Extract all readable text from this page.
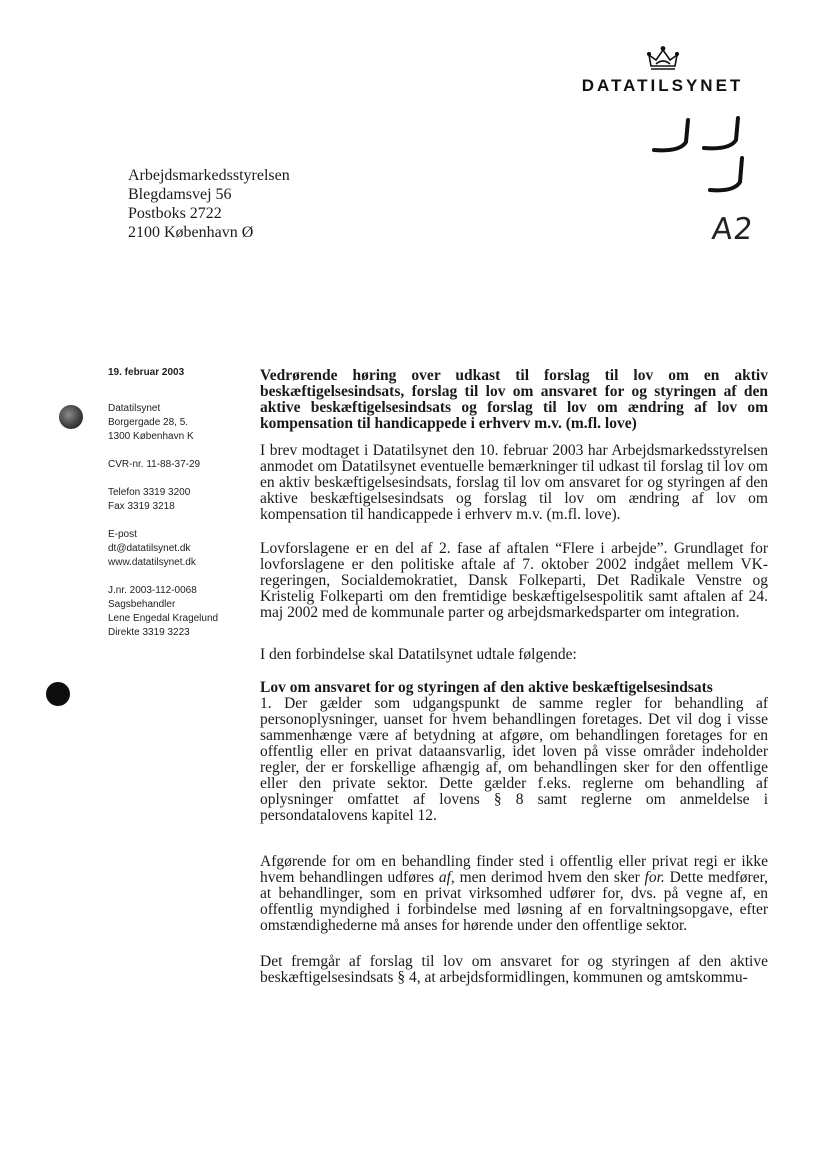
DATATILSYNET
A2
Arbejdsmarkedsstyrelsen
Blegdamsvej 56
Postboks 2722
2100 København Ø
19. februar 2003
Datatilsynet
Borgergade 28, 5.
1300 København K
CVR-nr. 11-88-37-29
Telefon 3319 3200
Fax 3319 3218
E-post
dt@datatilsynet.dk
www.datatilsynet.dk
J.nr. 2003-112-0068
Sagsbehandler
Lene Engedal Kragelund
Direkte 3319 3223

Vedrørende høring over udkast til forslag til lov om en aktiv beskæftigelsesindsats, forslag til lov om ansvaret for og styringen af den aktive beskæftigelsesindsats og forslag til lov om ændring af lov om kompensation til handicappede i erhverv m.v. (m.fl. love)

I brev modtaget i Datatilsynet den 10. februar 2003 har Arbejdsmarkedsstyrelsen anmodet om Datatilsynet eventuelle bemærkninger til udkast til forslag til lov om en aktiv beskæftigelsesindsats, forslag til lov om ansvaret for og styringen af den aktive beskæftigelsesindsats og forslag til lov om ændring af lov om kompensation til handicappede i erhverv m.v. (m.fl. love).

Lovforslagene er en del af 2. fase af aftalen “Flere i arbejde”. Grundlaget for lovforslagene er den politiske aftale af 7. oktober 2002 indgået mellem VK-regeringen, Socialdemokratiet, Dansk Folkeparti, Det Radikale Venstre og Kristelig Folkeparti om den fremtidige beskæftigelsespolitik samt aftalen af 24. maj 2002 med de kommunale parter og arbejdsmarkedsparter om integration.

I den forbindelse skal Datatilsynet udtale følgende:

Lov om ansvaret for og styringen af den aktive beskæftigelsesindsats

1. Der gælder som udgangspunkt de samme regler for behandling af personoplysninger, uanset for hvem behandlingen foretages. Det vil dog i visse sammenhænge være af betydning at afgøre, om behandlingen foretages for en offentlig eller en privat dataansvarlig, idet loven på visse områder indeholder regler, der er forskellige afhængig af, om behandlingen sker for den offentlige eller den private sektor. Dette gælder f.eks. reglerne om behandling af oplysninger omfattet af lovens § 8 samt reglerne om anmeldelse i persondatalovens kapitel 12.

Afgørende for om en behandling finder sted i offentlig eller privat regi er ikke hvem behandlingen udføres af, men derimod hvem den sker for. Dette medfører, at behandlinger, som en privat virksomhed udfører for, dvs. på vegne af, en offentlig myndighed i forbindelse med løsning af en forvaltningsopgave, efter omstændighederne må anses for hørende under den offentlige sektor.

Det fremgår af forslag til lov om ansvaret for og styringen af den aktive beskæftigelsesindsats § 4, at arbejdsformidlingen, kommunen og amtskommu-
